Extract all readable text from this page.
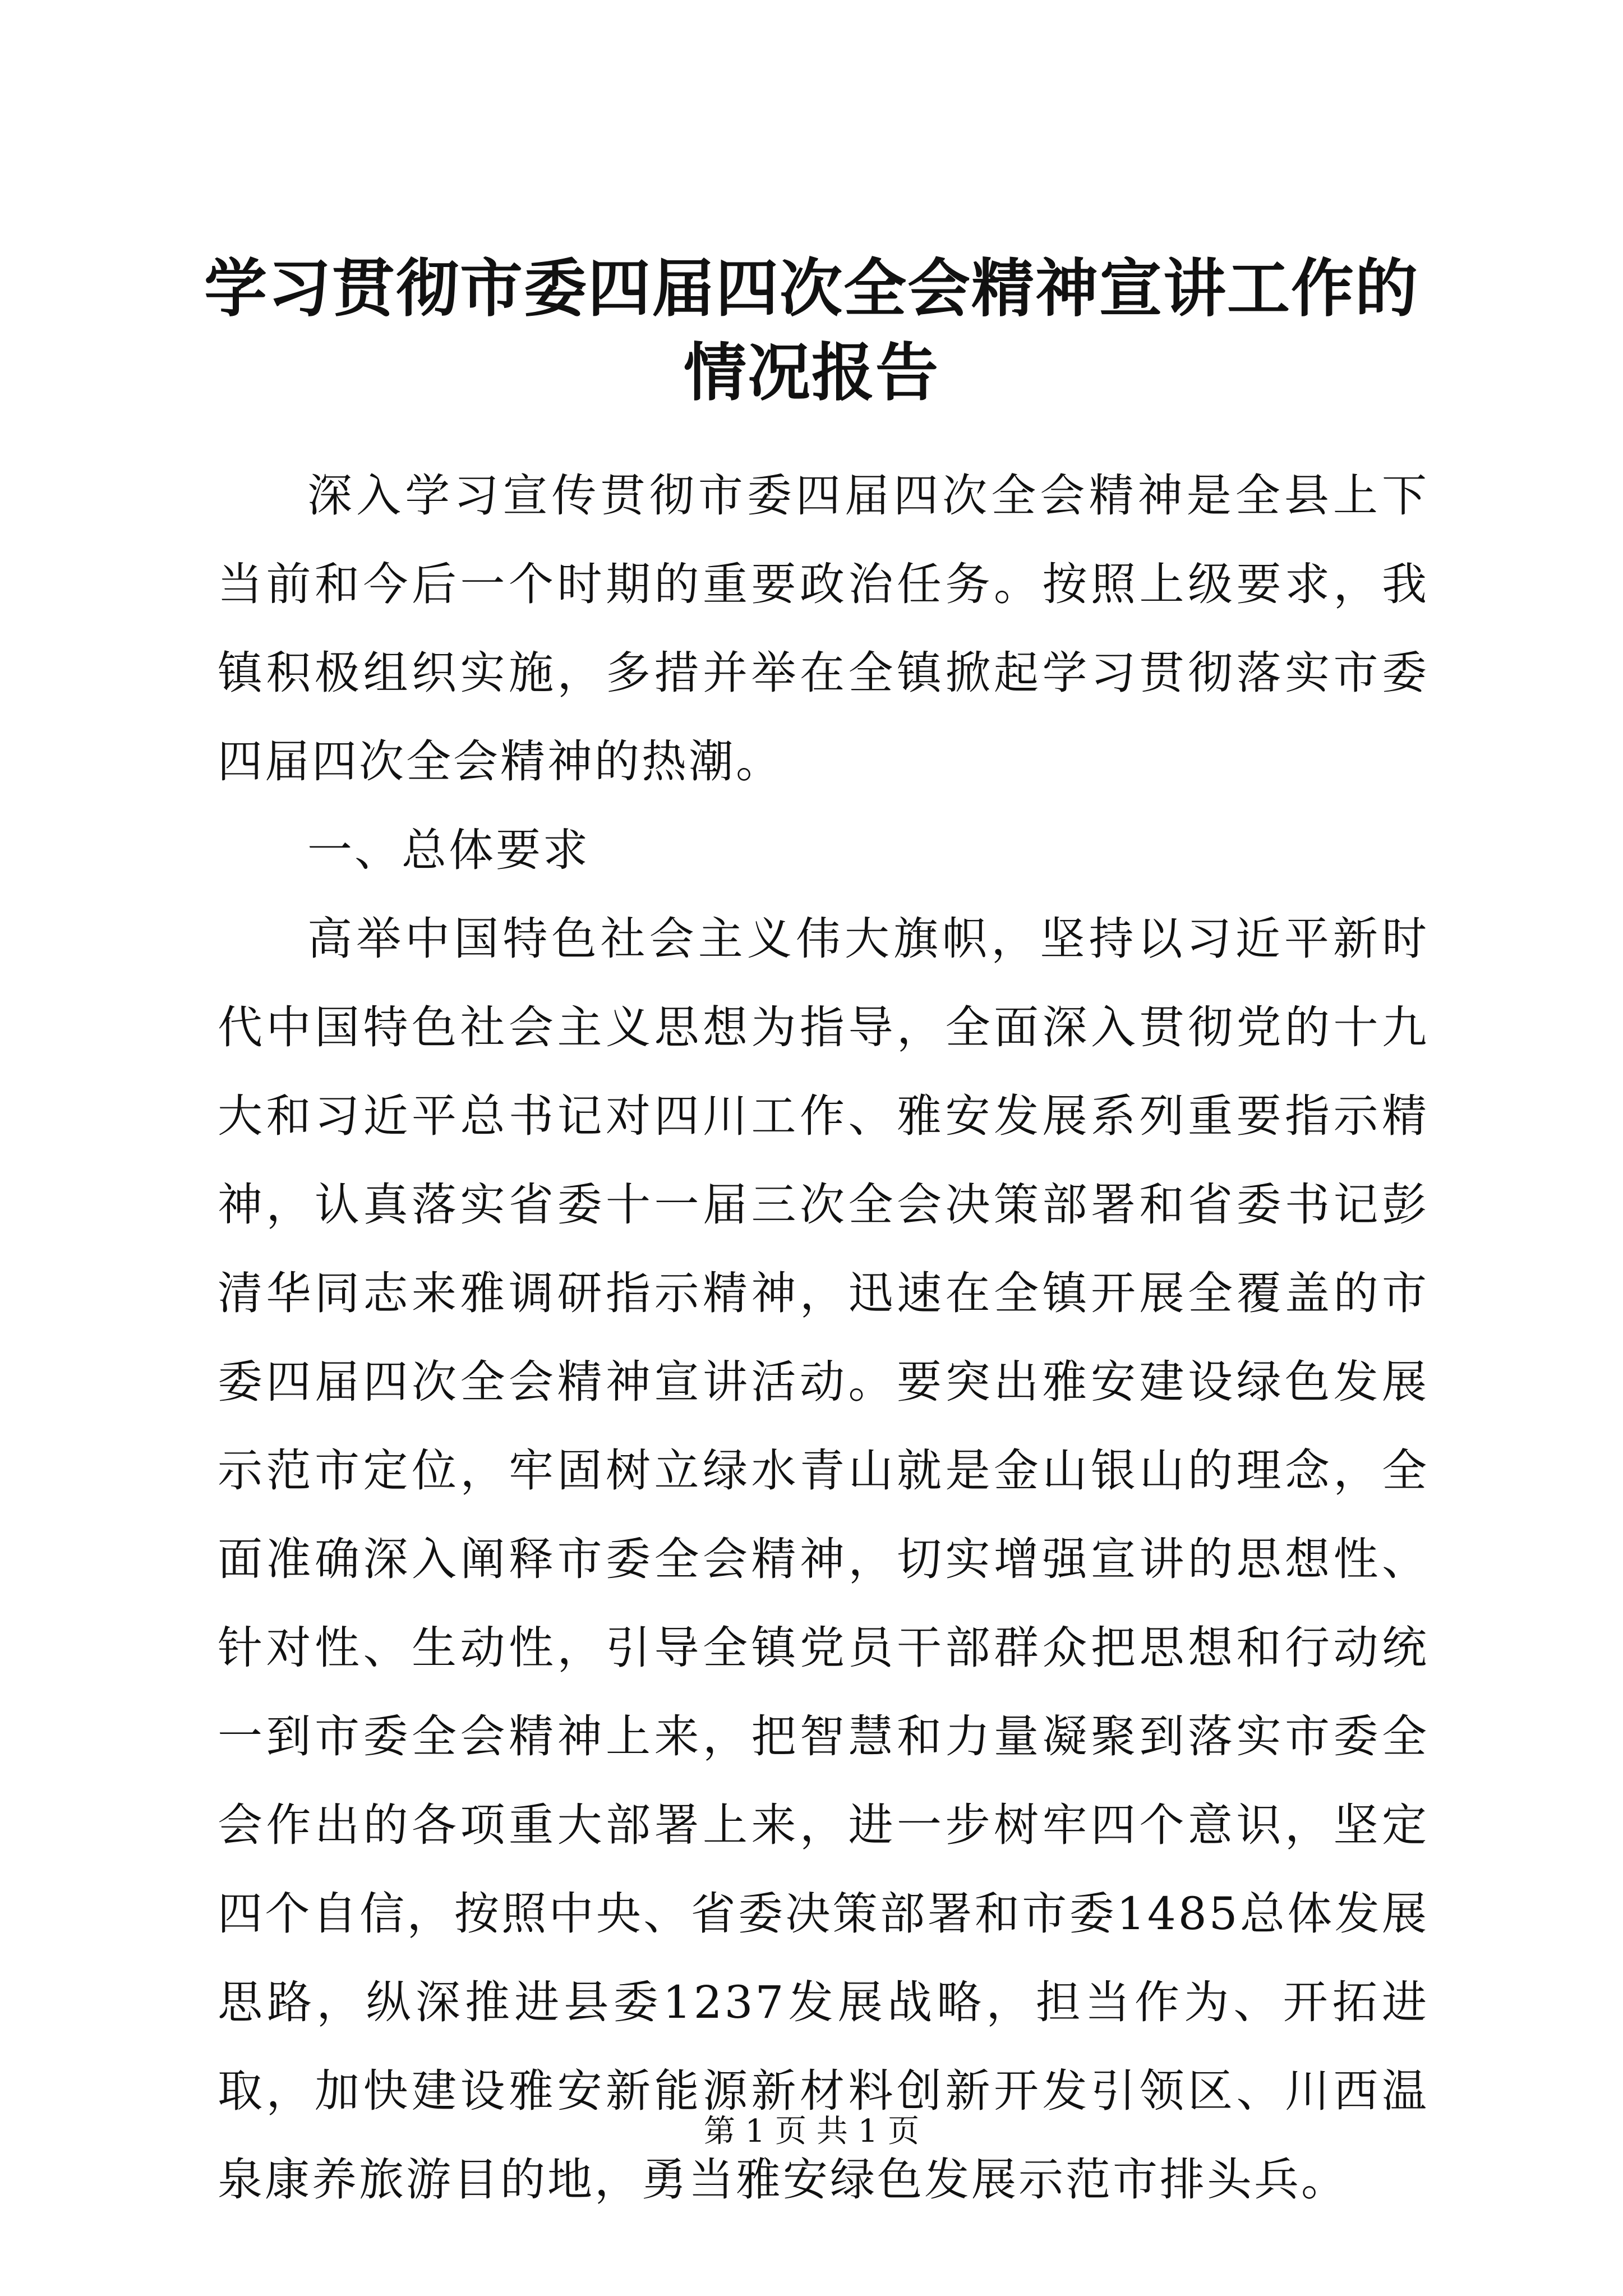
学习贯彻市委四届四次全会精神宣讲工作的情况报告

深入学习宣传贯彻市委四届四次全会精神是全县上下当前和今后一个时期的重要政治任务。按照上级要求，我镇积极组织实施，多措并举在全镇掀起学习贯彻落实市委四届四次全会精神的热潮。

一、总体要求

高举中国特色社会主义伟大旗帜，坚持以习近平新时代中国特色社会主义思想为指导，全面深入贯彻党的十九大和习近平总书记对四川工作、雅安发展系列重要指示精神，认真落实省委十一届三次全会决策部署和省委书记彭清华同志来雅调研指示精神，迅速在全镇开展全覆盖的市委四届四次全会精神宣讲活动。要突出雅安建设绿色发展示范市定位，牢固树立绿水青山就是金山银山的理念，全面准确深入阐释市委全会精神，切实增强宣讲的思想性、针对性、生动性，引导全镇党员干部群众把思想和行动统一到市委全会精神上来，把智慧和力量凝聚到落实市委全会作出的各项重大部署上来，进一步树牢四个意识，坚定四个自信，按照中央、省委决策部署和市委1485总体发展思路，纵深推进县委1237发展战略，担当作为、开拓进取，加快建设雅安新能源新材料创新开发引领区、川西温泉康养旅游目的地，勇当雅安绿色发展示范市排头兵。

第 1 页 共 1 页
